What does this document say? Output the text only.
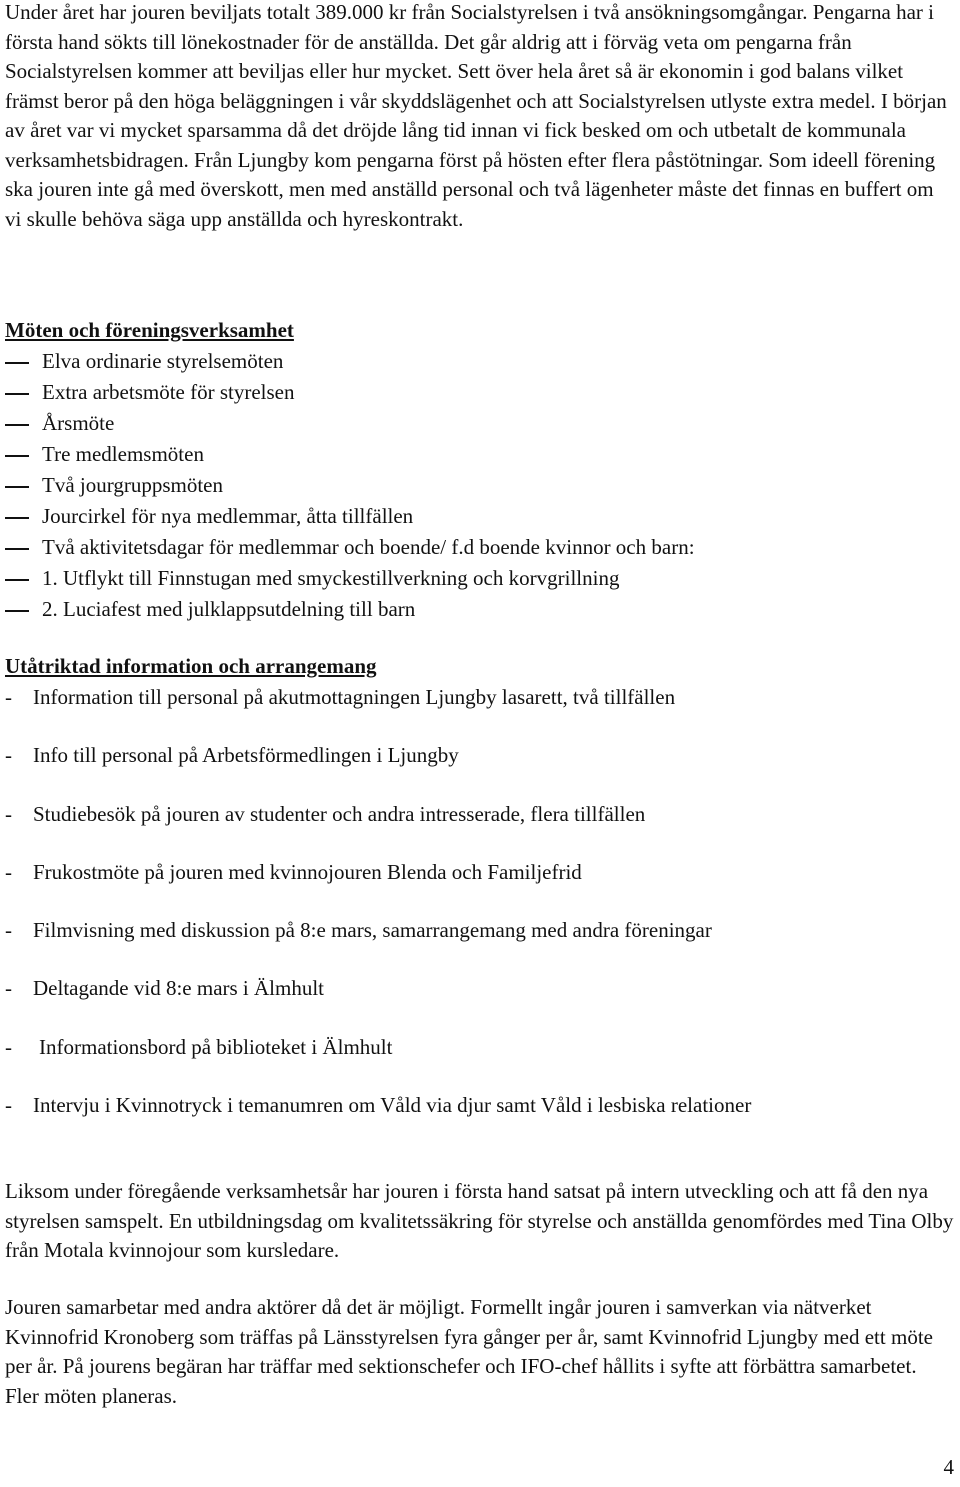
Under året har jouren beviljats totalt 389.000 kr från Socialstyrelsen i två ansökningsomgångar. Pengarna har i första hand sökts till lönekostnader för de anställda. Det går aldrig att i förväg veta om pengarna från Socialstyrelsen kommer att beviljas eller hur mycket. Sett över hela året så är ekonomin i god balans vilket främst beror på den höga beläggningen i vår skyddslägenhet och att Socialstyrelsen utlyste extra medel. I början av året var vi mycket sparsamma då det dröjde lång tid innan vi fick besked om och utbetalt de kommunala verksamhetsbidragen. Från Ljungby kom pengarna först på hösten efter flera påstötningar. Som ideell förening ska jouren inte gå med överskott, men med anställd personal och två lägenheter måste det finnas en buffert om vi skulle behöva säga upp anställda och hyreskontrakt.

Möten och föreningsverksamhet
Elva ordinarie styrelsemöten
Extra arbetsmöte för styrelsen
Årsmöte
Tre medlemsmöten
Två jourgruppsmöten
Jourcirkel för nya medlemmar, åtta tillfällen
Två aktivitetsdagar för medlemmar och boende/ f.d boende kvinnor och barn:
1. Utflykt till Finnstugan med smyckestillverkning och korvgrillning
2. Luciafest med julklappsutdelning till barn
Utåtriktad information och arrangemang
- Information till personal på akutmottagningen Ljungby lasarett, två tillfällen
- Info till personal på Arbetsförmedlingen i Ljungby
- Studiebesök på jouren av studenter och andra intresserade, flera tillfällen
- Frukostmöte på jouren med kvinnojouren Blenda och Familjefrid
- Filmvisning med diskussion på 8:e mars, samarrangemang med andra föreningar
- Deltagande vid 8:e mars i Älmhult
- Informationsbord på biblioteket i Älmhult
- Intervju i Kvinnotryck i temanumren om Våld via djur samt Våld i lesbiska relationer

Liksom under föregående verksamhetsår har jouren i första hand satsat på intern utveckling och att få den nya styrelsen samspelt. En utbildningsdag om kvalitetssäkring för styrelse och anställda genomfördes med Tina Olby från Motala kvinnojour som kursledare.

Jouren samarbetar med andra aktörer då det är möjligt. Formellt ingår jouren i samverkan via nätverket Kvinnofrid Kronoberg som träffas på Länsstyrelsen fyra gånger per år, samt Kvinnofrid Ljungby med ett möte per år. På jourens begäran har träffar med sektionschefer och IFO-chef hållits i syfte att förbättra samarbetet. Fler möten planeras.

4
